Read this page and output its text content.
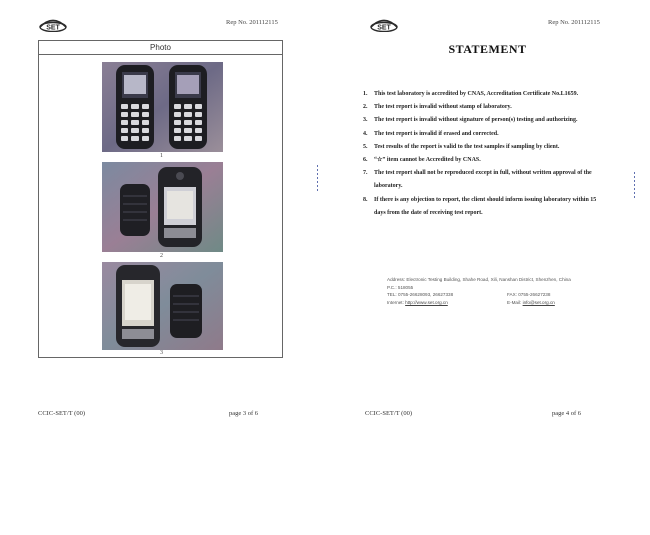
SET
Rep No. 201112115
Photo
1
2
3
CCIC-SET/T (00)	page 3 of 6
SET
Rep No. 201112115
STATEMENT
1. This test laboratory is accredited by CNAS, Accreditation Certificate No.L1659.
2. The test report is invalid without stamp of laboratory.
3. The test report is invalid without signature of person(s) testing and authorizing.
4. The test report is invalid if erased and corrected.
5. Test results of the report is valid to the test samples if sampling by client.
6. “☆” item cannot be Accredited by CNAS.
7. The test report shall not be reproduced except in full, without written approval of the laboratory.
8. If there is any objection to report, the client should inform issuing laboratory within 15 days from the date of receiving test report.
Address: Electronic Testing Building, Shahe Road, Xili, Nanshan District, Shenzhen, China
P.C.: 518055
TEL: 0755-26628093, 26627338	FAX: 0755-26627238
Internet: http://www.set.org.cn	E-Mail: info@set.org.cn
CCIC-SET/T (00)	page 4 of 6
